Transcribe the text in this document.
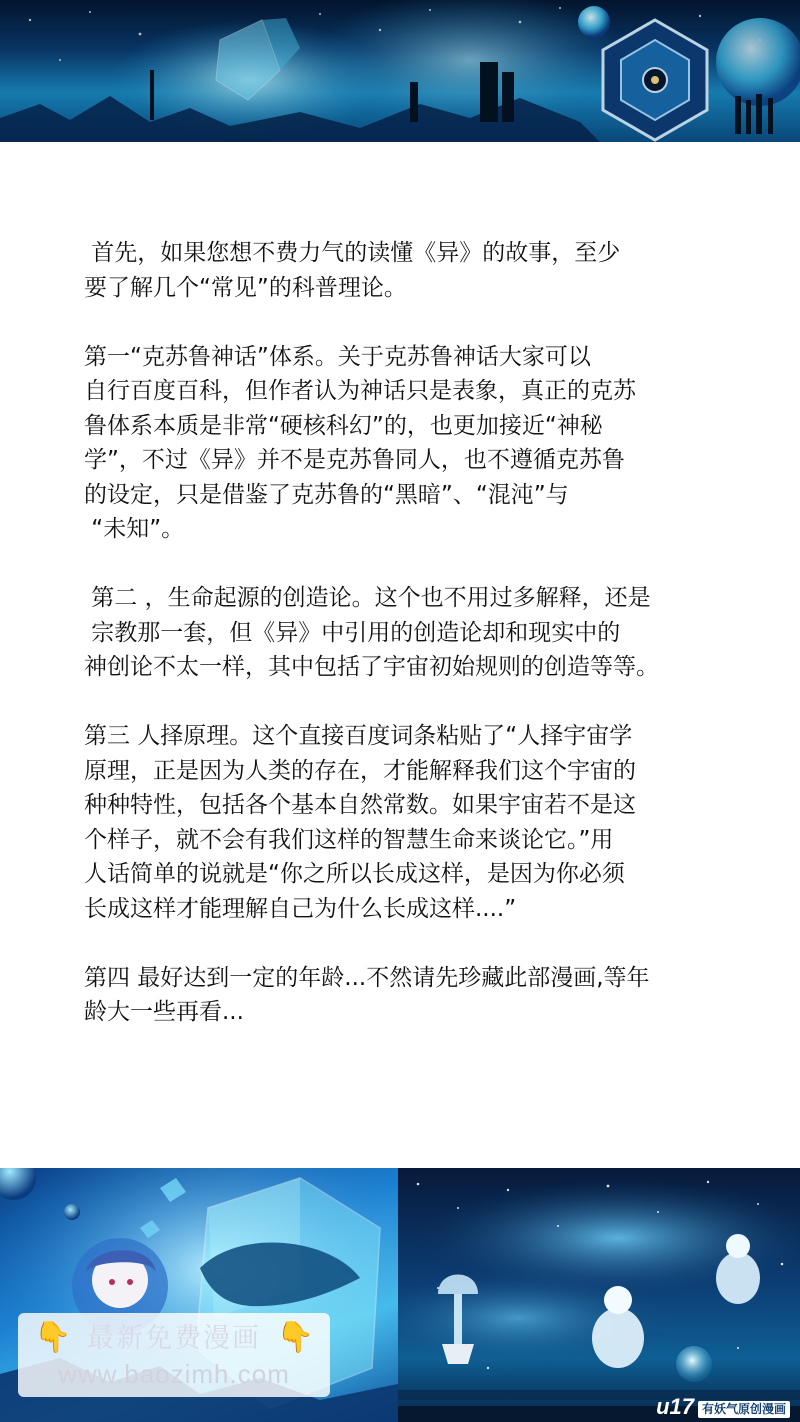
首先，如果您想不费力气的读懂《异》的故事，至少
要了解几个“常见”的科普理论。

第一“克苏鲁神话”体系。关于克苏鲁神话大家可以
自行百度百科，但作者认为神话只是表象，真正的克苏
鲁体系本质是非常“硬核科幻”的，也更加接近“神秘
学”，不过《异》并不是克苏鲁同人，也不遵循克苏鲁
的设定，只是借鉴了克苏鲁的“黑暗”、“混沌”与
“未知”。

第二 ，生命起源的创造论。这个也不用过多解释，还是
宗教那一套，但《异》中引用的创造论却和现实中的
神创论不太一样，其中包括了宇宙初始规则的创造等等。

第三 人择原理。这个直接百度词条粘贴了“人择宇宙学
原理，正是因为人类的存在，才能解释我们这个宇宙的
种种特性，包括各个基本自然常数。如果宇宙若不是这
个样子，就不会有我们这样的智慧生命来谈论它。”用
人话简单的说就是“你之所以长成这样，是因为你必须
长成这样才能理解自己为什么长成这样....”

第四 最好达到一定的年龄...不然请先珍藏此部漫画,等年
龄大一些再看...

u17 有妖气原创漫画
👇 最新免费漫画 👇
www.baozimh.com
